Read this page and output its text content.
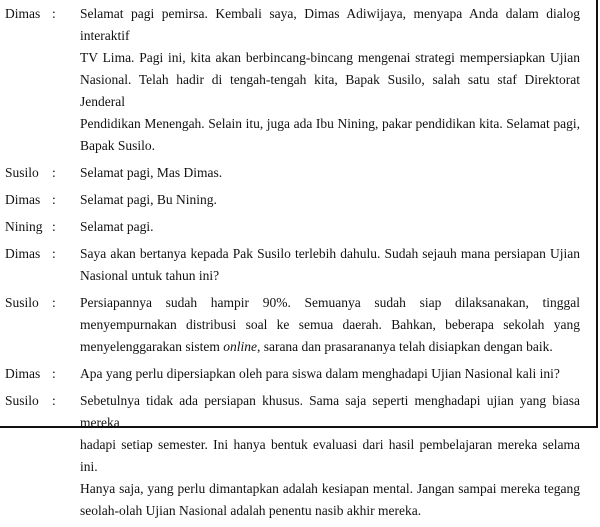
Dimas :	Selamat pagi pemirsa. Kembali saya, Dimas Adiwijaya, menyapa Anda dalam dialog interaktif
TV Lima. Pagi ini, kita akan berbincang-bincang mengenai strategi mempersiapkan Ujian
Nasional. Telah hadir di tengah-tengah kita, Bapak Susilo, salah satu staf Direktorat Jenderal
Pendidikan Menengah. Selain itu, juga ada Ibu Nining, pakar pendidikan kita. Selamat pagi,
Bapak Susilo.
Susilo :	Selamat pagi, Mas Dimas.
Dimas :	Selamat pagi, Bu Nining.
Nining :	Selamat pagi.
Dimas :	Saya akan bertanya kepada Pak Susilo terlebih dahulu. Sudah sejauh mana persiapan Ujian
Nasional untuk tahun ini?
Susilo :	Persiapannya sudah hampir 90%. Semuanya sudah siap dilaksanakan, tinggal
menyempurnakan distribusi soal ke semua daerah. Bahkan, beberapa sekolah yang
menyelenggarakan sistem online, sarana dan prasarananya telah disiapkan dengan baik.
Dimas :	Apa yang perlu dipersiapkan oleh para siswa dalam menghadapi Ujian Nasional kali ini?
Susilo :	Sebetulnya tidak ada persiapan khusus. Sama saja seperti menghadapi ujian yang biasa mereka
hadapi setiap semester. Ini hanya bentuk evaluasi dari hasil pembelajaran mereka selama ini.
Hanya saja, yang perlu dimantapkan adalah kesiapan mental. Jangan sampai mereka tegang
seolah-olah Ujian Nasional adalah penentu nasib akhir mereka.
